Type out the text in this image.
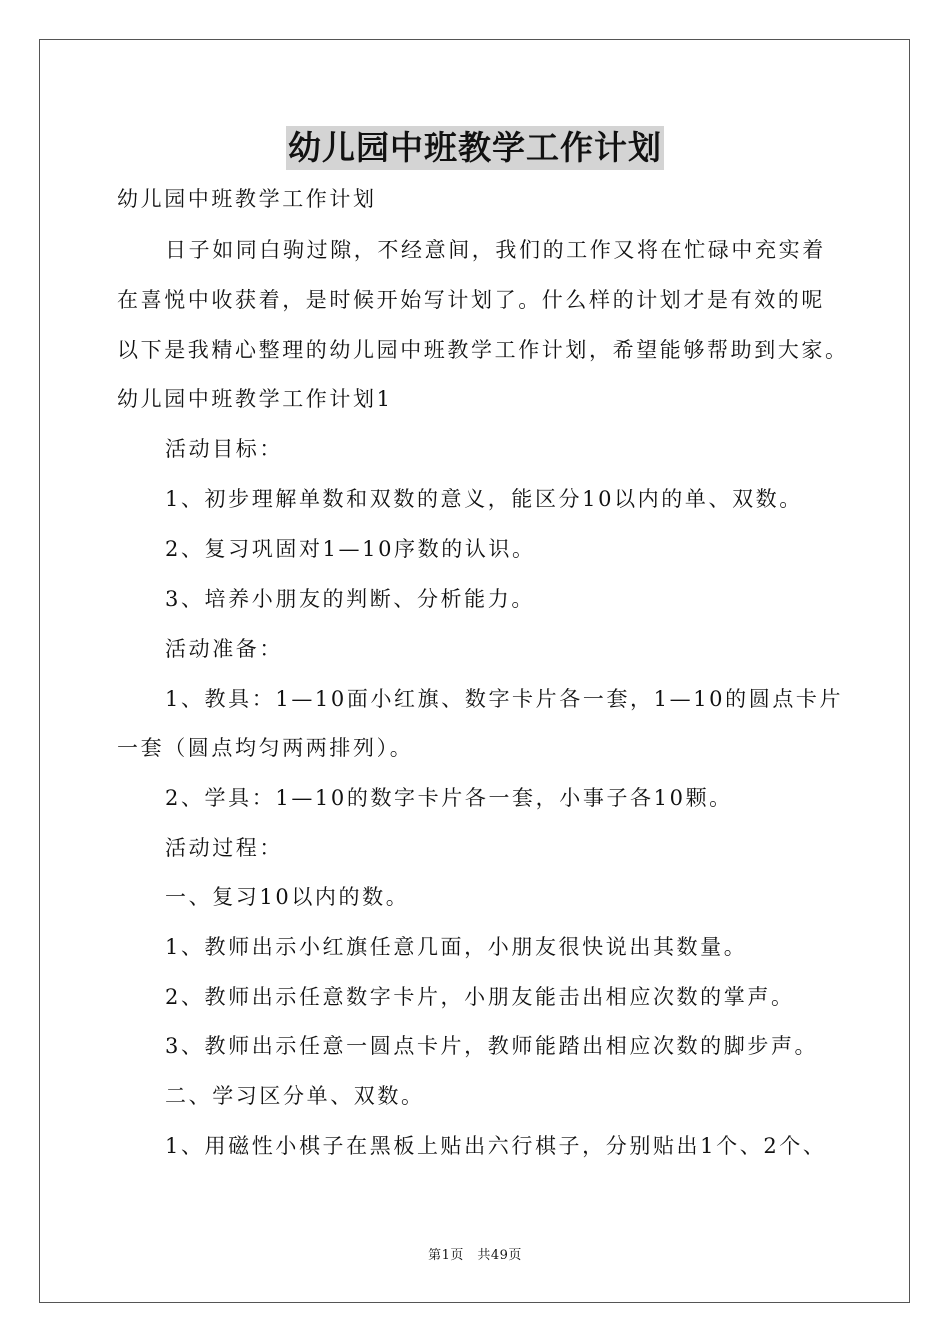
幼儿园中班教学工作计划
幼儿园中班教学工作计划
日子如同白驹过隙，不经意间，我们的工作又将在忙碌中充实着
在喜悦中收获着，是时候开始写计划了。什么样的计划才是有效的呢
以下是我精心整理的幼儿园中班教学工作计划，希望能够帮助到大家。
幼儿园中班教学工作计划1
活动目标：
1、初步理解单数和双数的意义，能区分10以内的单、双数。
2、复习巩固对1—10序数的认识。
3、培养小朋友的判断、分析能力。
活动准备：
1、教具：1—10面小红旗、数字卡片各一套，1—10的圆点卡片
一套（圆点均匀两两排列）。
2、学具：1—10的数字卡片各一套，小事子各10颗。
活动过程：
一、复习10以内的数。
1、教师出示小红旗任意几面，小朋友很快说出其数量。
2、教师出示任意数字卡片，小朋友能击出相应次数的掌声。
3、教师出示任意一圆点卡片，教师能踏出相应次数的脚步声。
二、学习区分单、双数。
1、用磁性小棋子在黑板上贴出六行棋子，分别贴出1个、2个、
第1页　共49页
